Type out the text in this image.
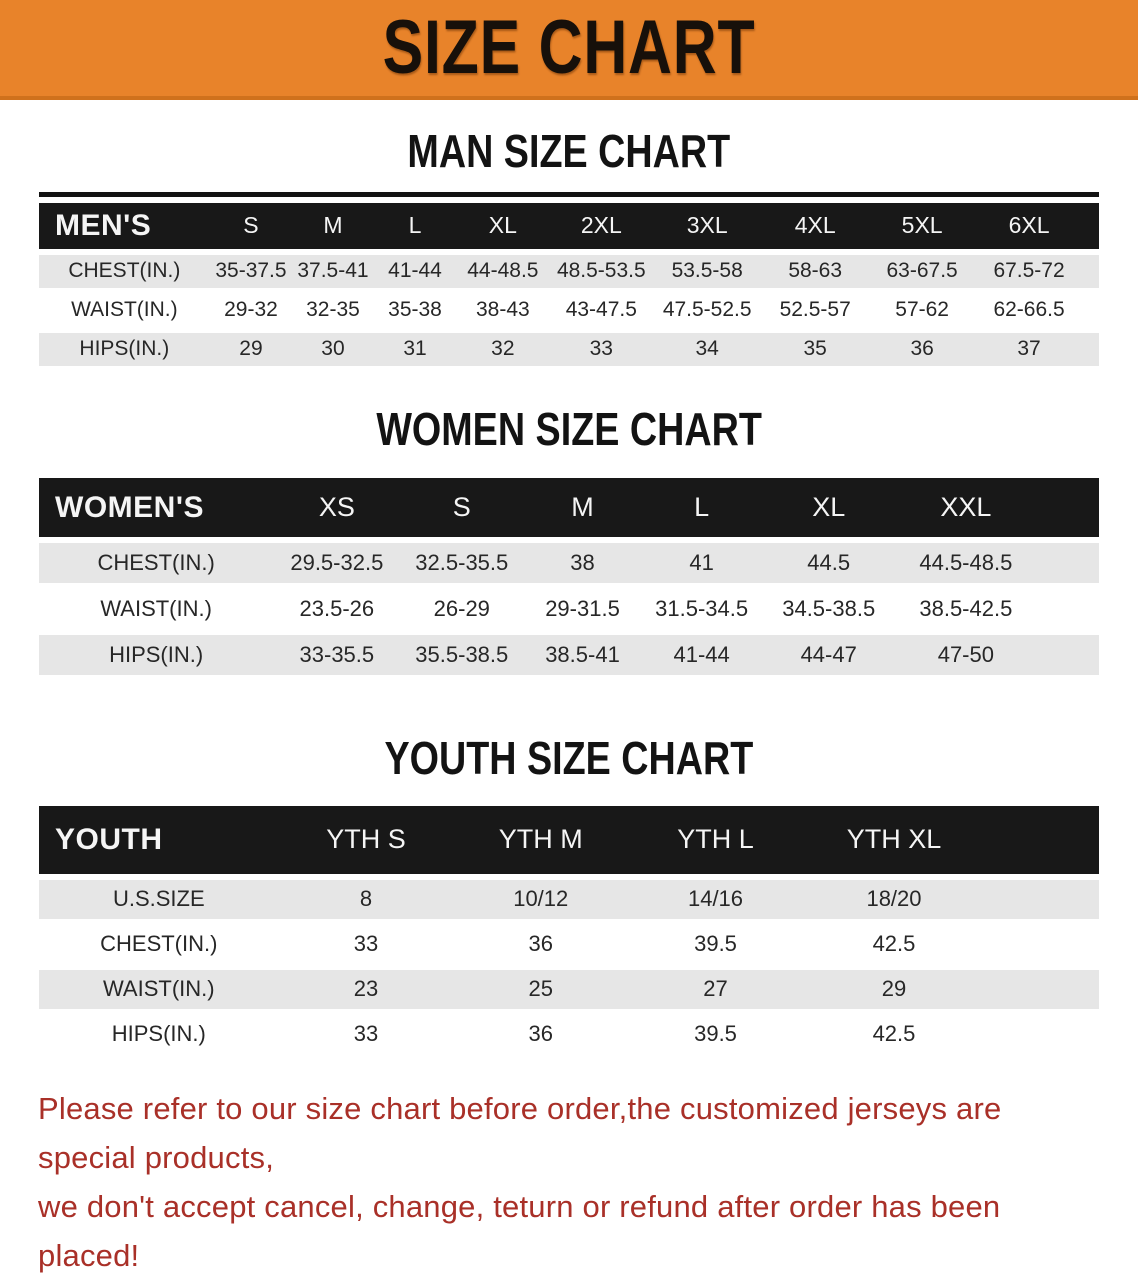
SIZE CHART
MAN SIZE CHART
MEN'S	S	M	L	XL	2XL	3XL	4XL	5XL	6XL	
CHEST(IN.)	35-37.5	37.5-41	41-44	44-48.5	48.5-53.5	53.5-58	58-63	63-67.5	67.5-72	
WAIST(IN.)	29-32	32-35	35-38	38-43	43-47.5	47.5-52.5	52.5-57	57-62	62-66.5	
HIPS(IN.)	29	30	31	32	33	34	35	36	37	
WOMEN SIZE CHART
WOMEN'S	XS	S	M	L	XL	XXL	
CHEST(IN.)	29.5-32.5	32.5-35.5	38	41	44.5	44.5-48.5	
WAIST(IN.)	23.5-26	26-29	29-31.5	31.5-34.5	34.5-38.5	38.5-42.5	
HIPS(IN.)	33-35.5	35.5-38.5	38.5-41	41-44	44-47	47-50	
YOUTH SIZE CHART
YOUTH	YTH S	YTH M	YTH L	YTH XL	
U.S.SIZE	8	10/12	14/16	18/20	
CHEST(IN.)	33	36	39.5	42.5	
WAIST(IN.)	23	25	27	29	
HIPS(IN.)	33	36	39.5	42.5	

Please refer to our size chart before order,the customized jerseys are special products,

we don't accept cancel, change, teturn or refund after order has been placed!
